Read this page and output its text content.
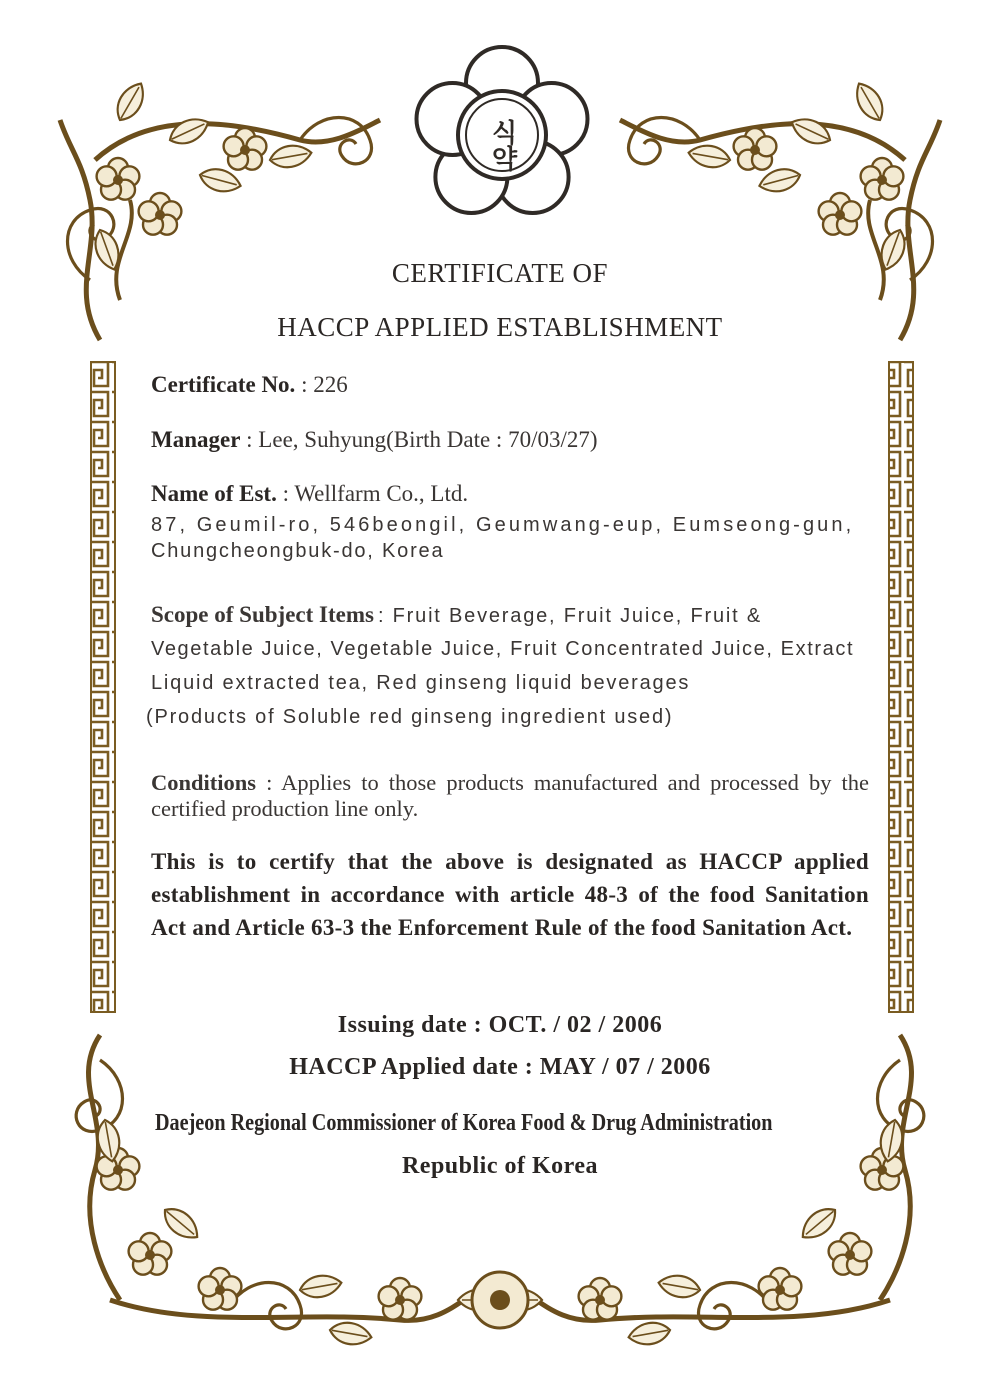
식약
CERTIFICATE OF
HACCP APPLIED ESTABLISHMENT
Certificate No. : 226
Manager : Lee, Suhyung(Birth Date : 70/03/27)
Name of Est. : Wellfarm Co., Ltd.
87, Geumil-ro, 546beongil, Geumwang-eup, Eumseong-gun,
Chungcheongbuk-do, Korea
Scope of Subject Items : Fruit Beverage, Fruit Juice, Fruit &
Vegetable Juice, Vegetable Juice, Fruit Concentrated Juice, Extract
Liquid extracted tea, Red ginseng liquid beverages
(Products of Soluble red ginseng ingredient used)
Conditions : Applies to those products manufactured and processed by the certified production line only.
This is to certify that the above is designated as HACCP applied establishment in accordance with article 48-3 of the food Sanitation Act and Article 63-3 the Enforcement Rule of the food Sanitation Act.
Issuing date : OCT. / 02 / 2006
HACCP Applied date : MAY / 07 / 2006
Daejeon Regional Commissioner of Korea Food & Drug Administration
Republic of Korea
